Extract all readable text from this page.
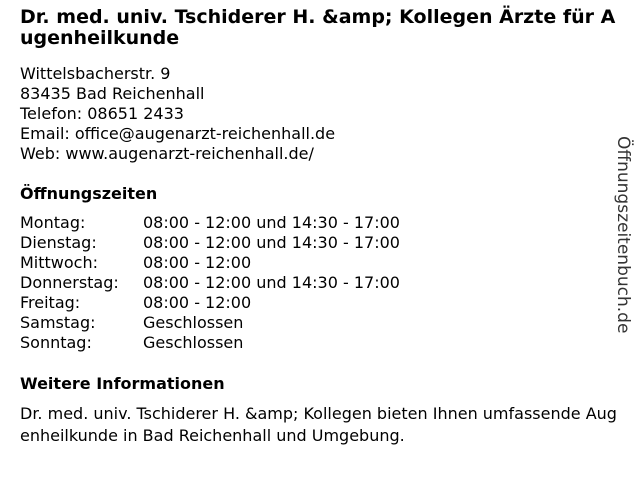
Dr. med. univ. Tschiderer H. &amp; Kollegen Ärzte für Augenheilkunde
Wittelsbacherstr. 9
83435 Bad Reichenhall
Telefon: 08651 2433
Email: office@augenarzt-reichenhall.de
Web: www.augenarzt-reichenhall.de/
Öffnungszeiten
Montag:	08:00 - 12:00 und 14:30 - 17:00
Dienstag:	08:00 - 12:00 und 14:30 - 17:00
Mittwoch:	08:00 - 12:00
Donnerstag:	08:00 - 12:00 und 14:30 - 17:00
Freitag:	08:00 - 12:00
Samstag:	Geschlossen
Sonntag:	Geschlossen
Weitere Informationen

Dr. med. univ. Tschiderer H. &amp; Kollegen bieten Ihnen umfassende Augenheilkunde in Bad Reichenhall und Umgebung.

Öffnungszeitenbuch.de
